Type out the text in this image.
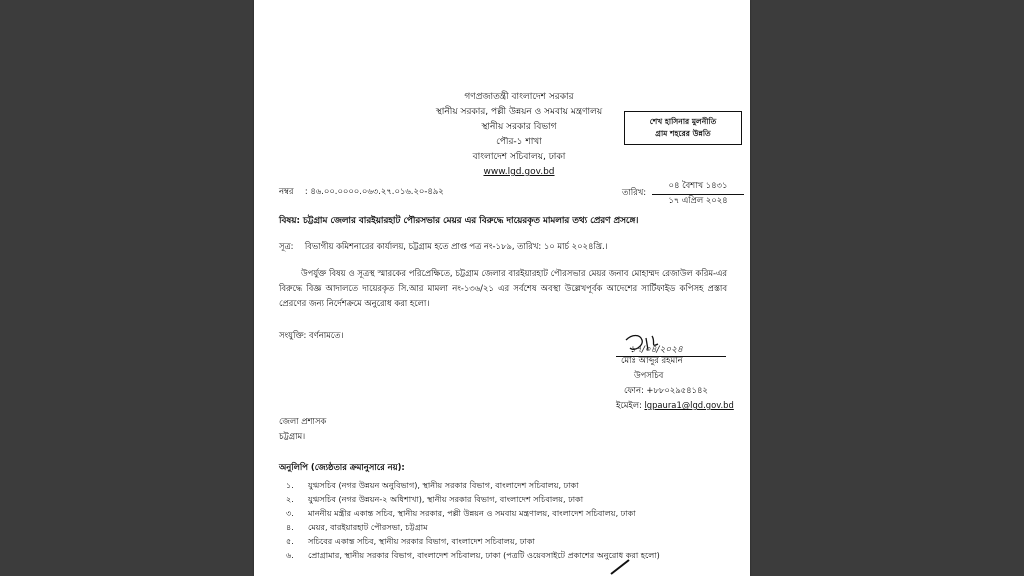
গণপ্রজাতন্ত্রী বাংলাদেশ সরকার
স্থানীয় সরকার, পল্লী উন্নয়ন ও সমবায় মন্ত্রণালয়
স্থানীয় সরকার বিভাগ
পৌর-১ শাখা
বাংলাদেশ সচিবালয়, ঢাকা
www.lgd.gov.bd
শেখ হাসিনার মুলনীতি
গ্রাম শহরের উন্নতি
নম্বর : ৪৬.০০.০০০০.০৬৩.২৭.০১৬.২০-৪৯২	তারিখ:
০৪ বৈশাখ ১৪৩১
১৭ এপ্রিল ২০২৪
বিষয়: চট্টগ্রাম জেলার বারইয়ারহাট পৌরসভার মেয়র এর বিরুদ্ধে দায়েরকৃত মামলার তথ্য প্রেরণ প্রসঙ্গে।
সূত্র: বিভাগীয় কমিশনারের কার্যালয়, চট্টগ্রাম হতে প্রাপ্ত পত্র নং-১৮৯, তারিখ: ১০ মার্চ ২০২৪খ্রি.।
উপর্যুক্ত বিষয় ও সূত্রস্থ স্মারকের পরিপ্রেক্ষিতে, চট্টগ্রাম জেলার বারইয়ারহাট পৌরসভার মেয়র জনাব মোহাম্মদ রেজাউল করিম-এর বিরুদ্ধে বিজ্ঞ আদালতে দায়েরকৃত সি.আর মামলা নং-১৩৬/২১ এর সর্বশেষ অবস্থা উল্লেখপূর্বক আদেশের সার্টিফাইড কপিসহ প্রস্তাব প্রেরণের জন্য নির্দেশক্রমে অনুরোধ করা হলো।
সংযুক্তি: বর্ণনামতে।
১৭/০৪/২০২৪
মোঃ আব্দুর রহমান
উপসচিব
ফোন: +৮৮০২৯৫৪১৪২
ইমেইল: lgpaura1@lgd.gov.bd
জেলা প্রশাসক
চট্টগ্রাম।
অনুলিপি (জ্যেষ্ঠতার ক্রমানুসারে নয়):
১. যুগ্মসচিব (নগর উন্নয়ন অনুবিভাগ), স্থানীয় সরকার বিভাগ, বাংলাদেশ সচিবালয়, ঢাকা
২. যুগ্মসচিব (নগর উন্নয়ন-২ অধিশাখা), স্থানীয় সরকার বিভাগ, বাংলাদেশ সচিবালয়, ঢাকা
৩. মাননীয় মন্ত্রীর একান্ত সচিব, স্থানীয় সরকার, পল্লী উন্নয়ন ও সমবায় মন্ত্রণালয়, বাংলাদেশ সচিবালয়, ঢাকা
৪. মেয়র, বারইয়ারহাট পৌরসভা, চট্টগ্রাম
৫. সচিবের একান্ত সচিব, স্থানীয় সরকার বিভাগ, বাংলাদেশ সচিবালয়, ঢাকা
৬. প্রোগ্রামার, স্থানীয় সরকার বিভাগ, বাংলাদেশ সচিবালয়, ঢাকা (পত্রটি ওয়েবসাইটে প্রকাশের অনুরোধ করা হলো)
